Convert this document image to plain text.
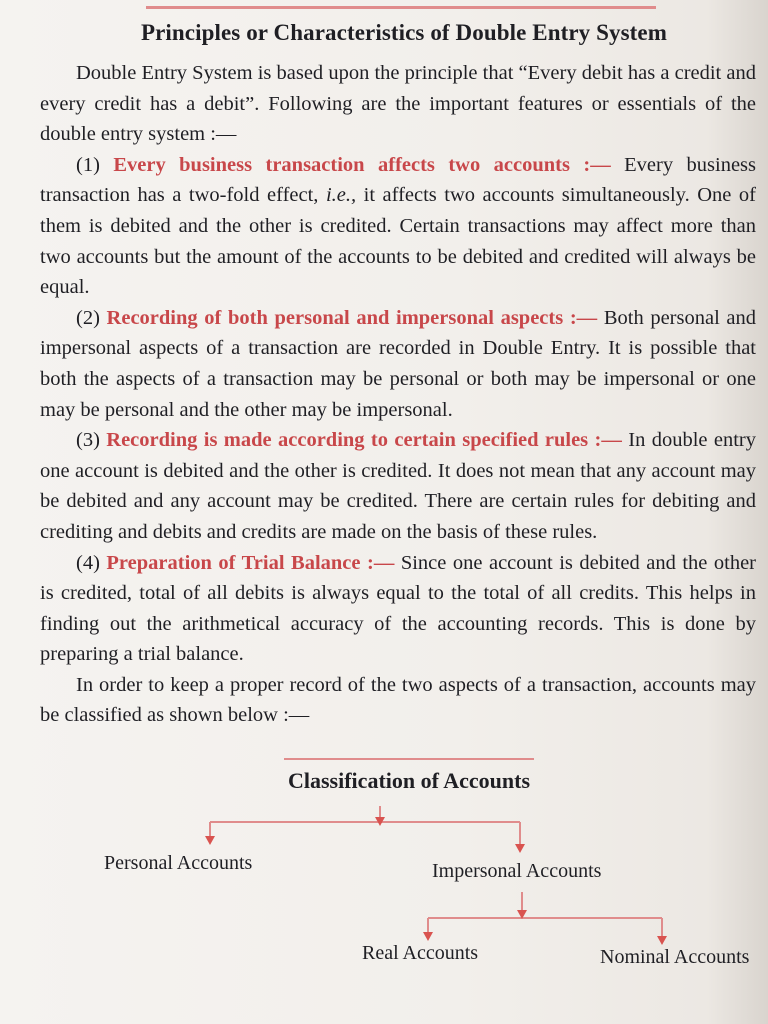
Principles or Characteristics of Double Entry System

Double Entry System is based upon the principle that “Every debit has a credit and every credit has a debit”. Following are the important features or essentials of the double entry system :—

(1) Every business transaction affects two accounts :— Every business transaction has a two-fold effect, i.e., it affects two accounts simultaneously. One of them is debited and the other is credited. Certain transactions may affect more than two accounts but the amount of the accounts to be debited and credited will always be equal.

(2) Recording of both personal and impersonal aspects :— Both personal and impersonal aspects of a transaction are recorded in Double Entry. It is possible that both the aspects of a transaction may be personal or both may be impersonal or one may be personal and the other may be impersonal.

(3) Recording is made according to certain specified rules :— In double entry one account is debited and the other is credited. It does not mean that any account may be debited and any account may be credited. There are certain rules for debiting and crediting and debits and credits are made on the basis of these rules.

(4) Preparation of Trial Balance :— Since one account is debited and the other is credited, total of all debits is always equal to the total of all credits. This helps in finding out the arithmetical accuracy of the accounting records. This is done by preparing a trial balance.

In order to keep a proper record of the two aspects of a transaction, accounts may be classified as shown below :—

Classification of Accounts
Personal Accounts	Impersonal Accounts
Real Accounts	Nominal Accounts
